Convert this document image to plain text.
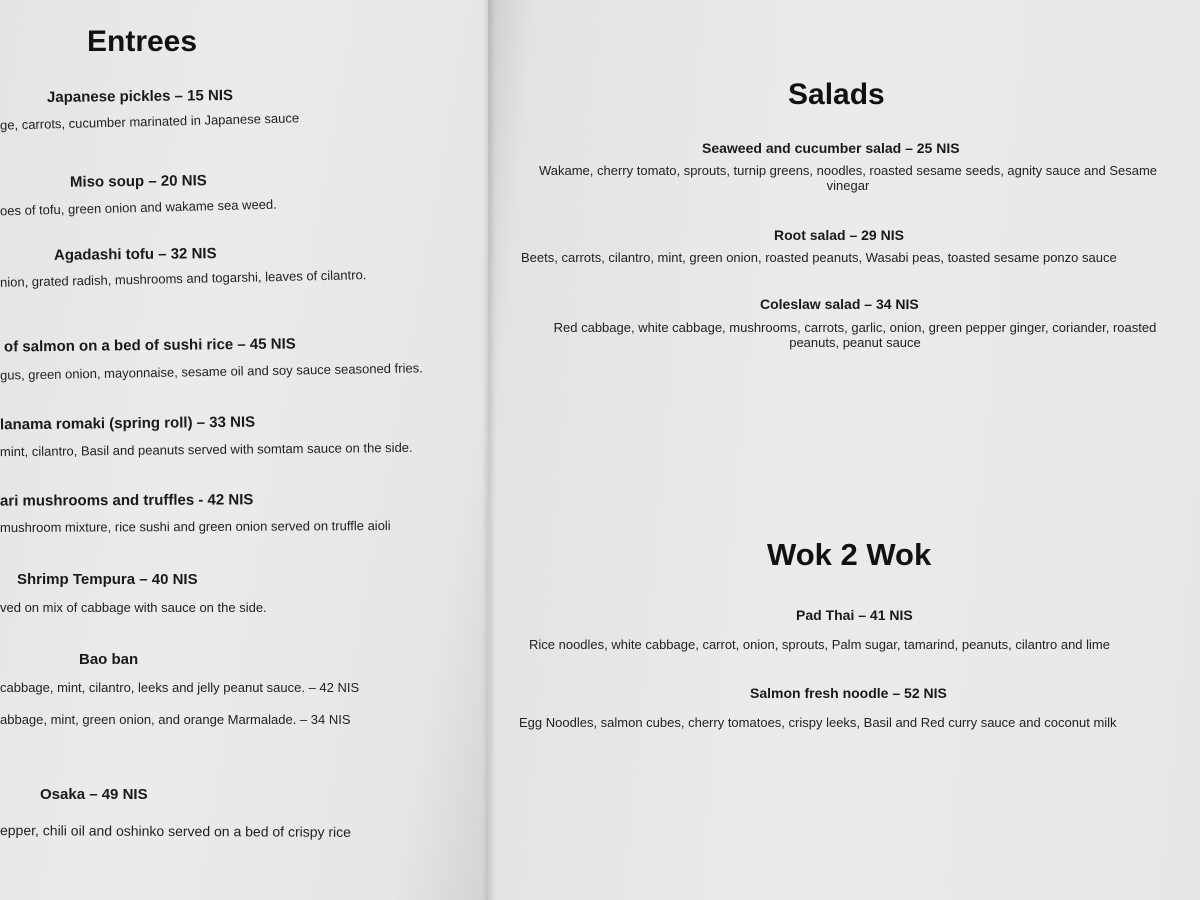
Entrees
Japanese pickles – 15 NIS
ge, carrots, cucumber marinated in Japanese sauce
Miso soup – 20 NIS
oes of tofu, green onion and wakame sea weed.
Agadashi tofu – 32 NIS
nion, grated radish, mushrooms and togarshi, leaves of cilantro.
of salmon on a bed of sushi rice – 45 NIS
gus, green onion, mayonnaise, sesame oil and soy sauce seasoned fries.
lanama romaki (spring roll) – 33 NIS
mint, cilantro, Basil and peanuts served with somtam sauce on the side.
ari mushrooms and truffles - 42 NIS
mushroom mixture, rice sushi and green onion served on truffle aioli
Shrimp Tempura – 40 NIS
ved on mix of cabbage with sauce on the side.
Bao ban
cabbage, mint, cilantro, leeks and jelly peanut sauce. – 42 NIS
abbage, mint, green onion, and orange Marmalade. – 34 NIS
Osaka – 49 NIS
epper, chili oil and oshinko served on a bed of crispy rice
Salads
Seaweed and cucumber salad – 25 NIS
Wakame, cherry tomato, sprouts, turnip greens, noodles, roasted sesame seeds, agnity sauce and Sesame
vinegar
Root salad – 29 NIS
Beets, carrots, cilantro, mint, green onion, roasted peanuts, Wasabi peas, toasted sesame ponzo sauce
Coleslaw salad – 34 NIS
Red cabbage, white cabbage, mushrooms, carrots, garlic, onion, green pepper ginger, coriander, roasted
peanuts, peanut sauce
Wok 2 Wok
Pad Thai – 41 NIS
Rice noodles, white cabbage, carrot, onion, sprouts, Palm sugar, tamarind, peanuts, cilantro and lime
Salmon fresh noodle – 52 NIS
Egg Noodles, salmon cubes, cherry tomatoes, crispy leeks, Basil and Red curry sauce and coconut milk
